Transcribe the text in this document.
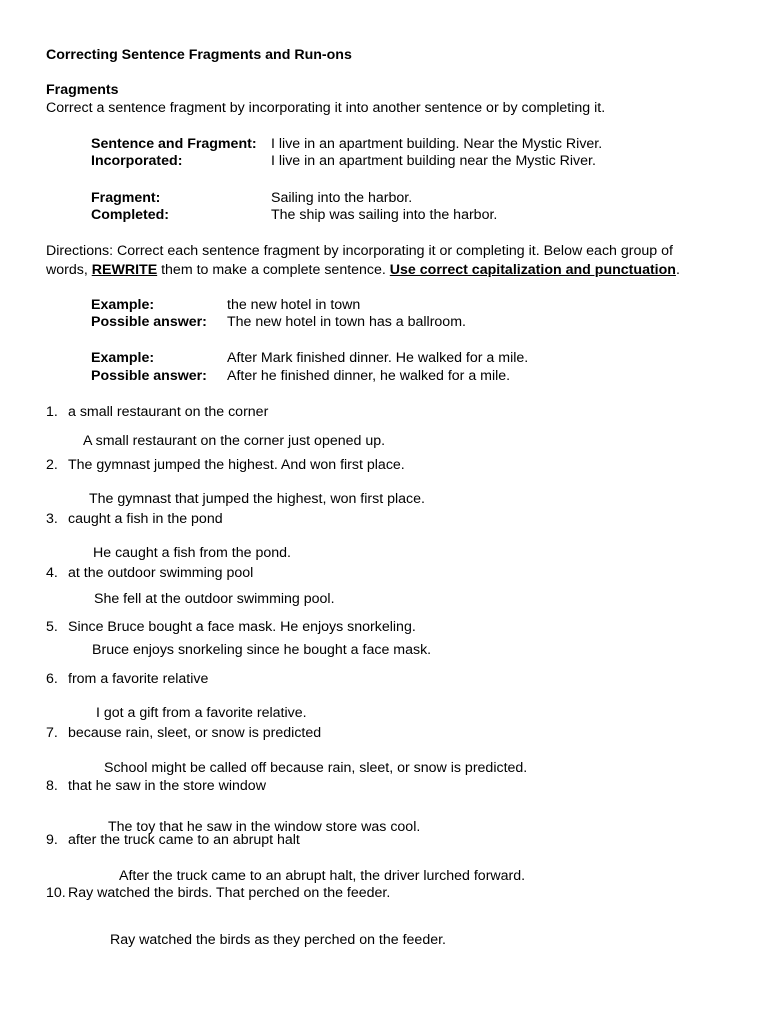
Correcting Sentence Fragments and Run-ons
Fragments
Correct a sentence fragment by incorporating it into another sentence or by completing it.
Sentence and Fragment: I live in an apartment building. Near the Mystic River.
Incorporated:	I live in an apartment building near the Mystic River.
Fragment:	Sailing into the harbor.
Completed:	The ship was sailing into the harbor.
Directions: Correct each sentence fragment by incorporating it or completing it. Below each group of
words, REWRITE them to make a complete sentence. Use correct capitalization and punctuation.
Example:	the new hotel in town
Possible answer: The new hotel in town has a ballroom.
Example:	After Mark finished dinner. He walked for a mile.
Possible answer: After he finished dinner, he walked for a mile.
1. a small restaurant on the corner
A small restaurant on the corner just opened up.
2. The gymnast jumped the highest. And won first place.
The gymnast that jumped the highest, won first place.
3. caught a fish in the pond
He caught a fish from the pond.
4. at the outdoor swimming pool
She fell at the outdoor swimming pool.
5. Since Bruce bought a face mask. He enjoys snorkeling.
Bruce enjoys snorkeling since he bought a face mask.
6. from a favorite relative
I got a gift from a favorite relative.
7. because rain, sleet, or snow is predicted
School might be called off because rain, sleet, or snow is predicted.
8. that he saw in the store window
The toy that he saw in the window store was cool.
9. after the truck came to an abrupt halt
After the truck came to an abrupt halt, the driver lurched forward.
10. Ray watched the birds. That perched on the feeder.
Ray watched the birds as they perched on the feeder.
